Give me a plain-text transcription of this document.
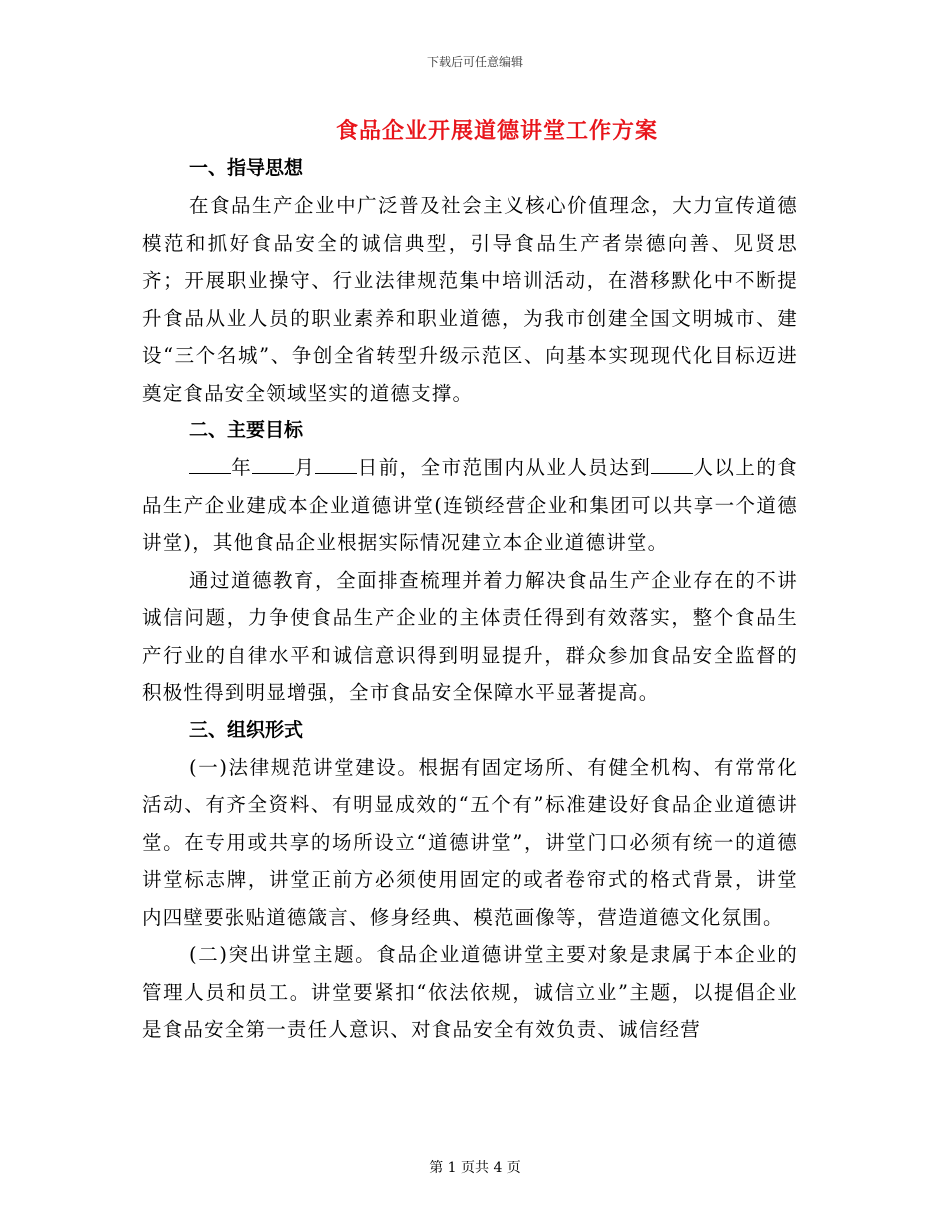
下载后可任意编辑
食品企业开展道德讲堂工作方案
一、指导思想

在食品生产企业中广泛普及社会主义核心价值理念，大力宣传道德模范和抓好食品安全的诚信典型，引导食品生产者崇德向善、见贤思齐；开展职业操守、行业法律规范集中培训活动，在潜移默化中不断提升食品从业人员的职业素养和职业道德，为我市创建全国文明城市、建设“三个名城”、争创全省转型升级示范区、向基本实现现代化目标迈进奠定食品安全领域坚实的道德支撑。

二、主要目标

年 月 日前，全市范围内从业人员达到 人以上的食品生产企业建成本企业道德讲堂(连锁经营企业和集团可以共享一个道德讲堂)，其他食品企业根据实际情况建立本企业道德讲堂。

通过道德教育，全面排查梳理并着力解决食品生产企业存在的不讲诚信问题，力争使食品生产企业的主体责任得到有效落实，整个食品生产行业的自律水平和诚信意识得到明显提升，群众参加食品安全监督的积极性得到明显增强，全市食品安全保障水平显著提高。

三、组织形式

(一)法律规范讲堂建设。根据有固定场所、有健全机构、有常常化活动、有齐全资料、有明显成效的“五个有”标准建设好食品企业道德讲堂。在专用或共享的场所设立“道德讲堂”，讲堂门口必须有统一的道德讲堂标志牌，讲堂正前方必须使用固定的或者卷帘式的格式背景，讲堂内四壁要张贴道德箴言、修身经典、模范画像等，营造道德文化氛围。

(二)突出讲堂主题。食品企业道德讲堂主要对象是隶属于本企业的管理人员和员工。讲堂要紧扣“依法依规，诚信立业”主题，以提倡企业是食品安全第一责任人意识、对食品安全有效负责、诚信经营

第 1 页共 4 页
